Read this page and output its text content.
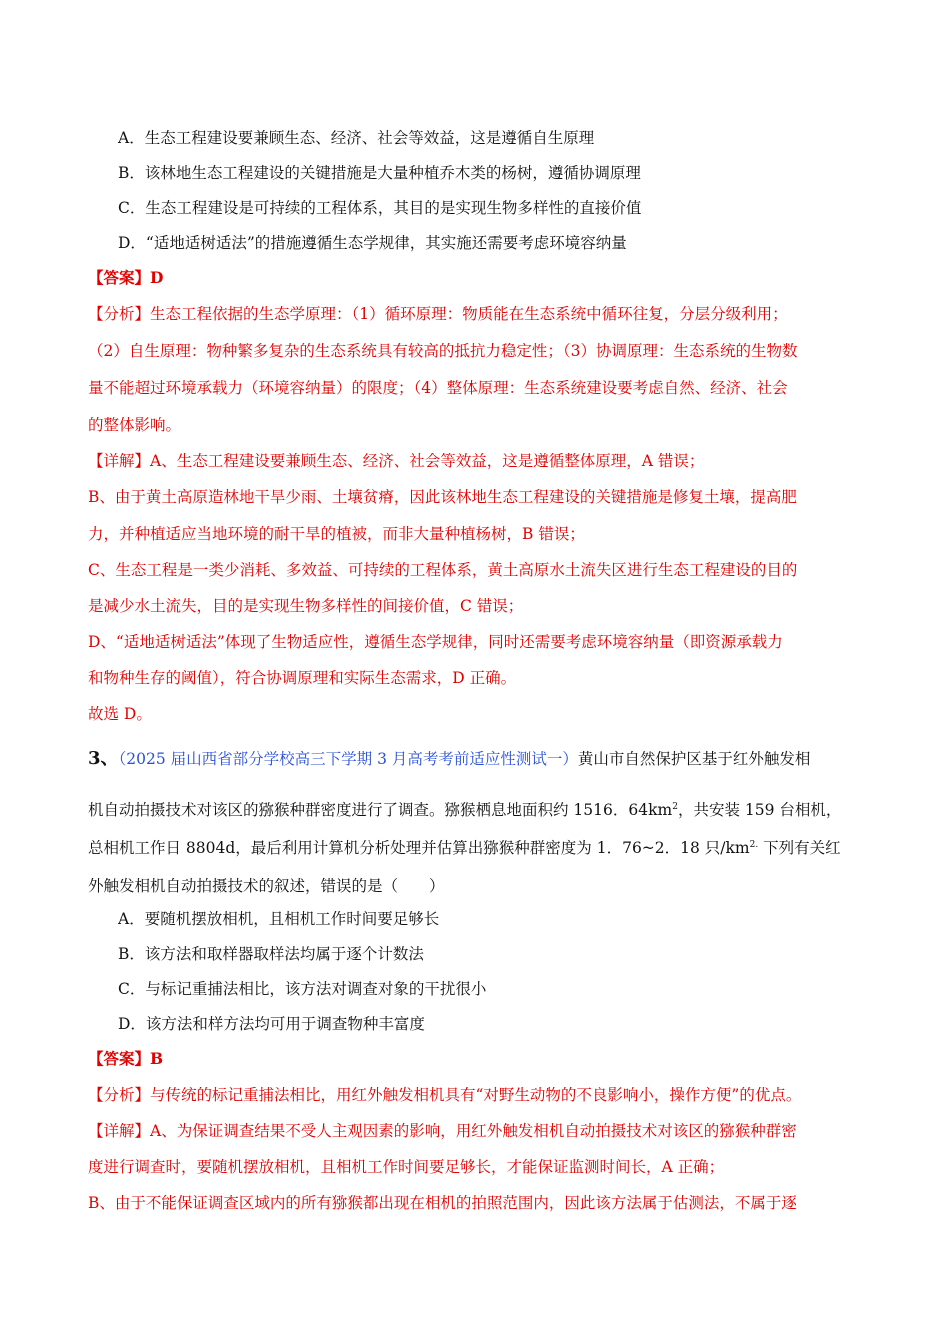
A．生态工程建设要兼顾生态、经济、社会等效益，这是遵循自生原理
B．该林地生态工程建设的关键措施是大量种植乔木类的杨树，遵循协调原理
C．生态工程建设是可持续的工程体系，其目的是实现生物多样性的直接价值
D．“适地适树适法”的措施遵循生态学规律，其实施还需要考虑环境容纳量
【答案】D
【分析】生态工程依据的生态学原理：（1）循环原理：物质能在生态系统中循环往复，分层分级利用；
（2）自生原理：物种繁多复杂的生态系统具有较高的抵抗力稳定性；（3）协调原理：生态系统的生物数
量不能超过环境承载力（环境容纳量）的限度；（4）整体原理：生态系统建设要考虑自然、经济、社会
的整体影响。
【详解】A、生态工程建设要兼顾生态、经济、社会等效益，这是遵循整体原理，A 错误；
B、由于黄土高原造林地干旱少雨、土壤贫瘠，因此该林地生态工程建设的关键措施是修复土壤，提高肥
力，并种植适应当地环境的耐干旱的植被，而非大量种植杨树，B 错误；
C、生态工程是一类少消耗、多效益、可持续的工程体系，黄土高原水土流失区进行生态工程建设的目的
是减少水土流失，目的是实现生物多样性的间接价值，C 错误；
D、“适地适树适法”体现了生物适应性，遵循生态学规律，同时还需要考虑环境容纳量（即资源承载力
和物种生存的阈值），符合协调原理和实际生态需求，D 正确。
故选 D。
3、（2025 届山西省部分学校高三下学期 3 月高考考前适应性测试一）黄山市自然保护区基于红外触发相
机自动拍摄技术对该区的猕猴种群密度进行了调查。猕猴栖息地面积约 1516．$64km^2$，共安装 159 台相机，
总相机工作日 8804d，最后利用计算机分析处理并估算出猕猴种群密度为 1．76~2．18 只$/km^{2.}$ 下列有关红
外触发相机自动拍摄技术的叙述，错误的是（　　）
A．要随机摆放相机，且相机工作时间要足够长
B．该方法和取样器取样法均属于逐个计数法
C．与标记重捕法相比，该方法对调查对象的干扰很小
D．该方法和样方法均可用于调查物种丰富度
【答案】B
【分析】与传统的标记重捕法相比，用红外触发相机具有“对野生动物的不良影响小，操作方便”的优点。
【详解】A、为保证调查结果不受人主观因素的影响，用红外触发相机自动拍摄技术对该区的猕猴种群密
度进行调查时，要随机摆放相机，且相机工作时间要足够长，才能保证监测时间长，A 正确；
B、由于不能保证调查区域内的所有猕猴都出现在相机的拍照范围内，因此该方法属于估测法，不属于逐
